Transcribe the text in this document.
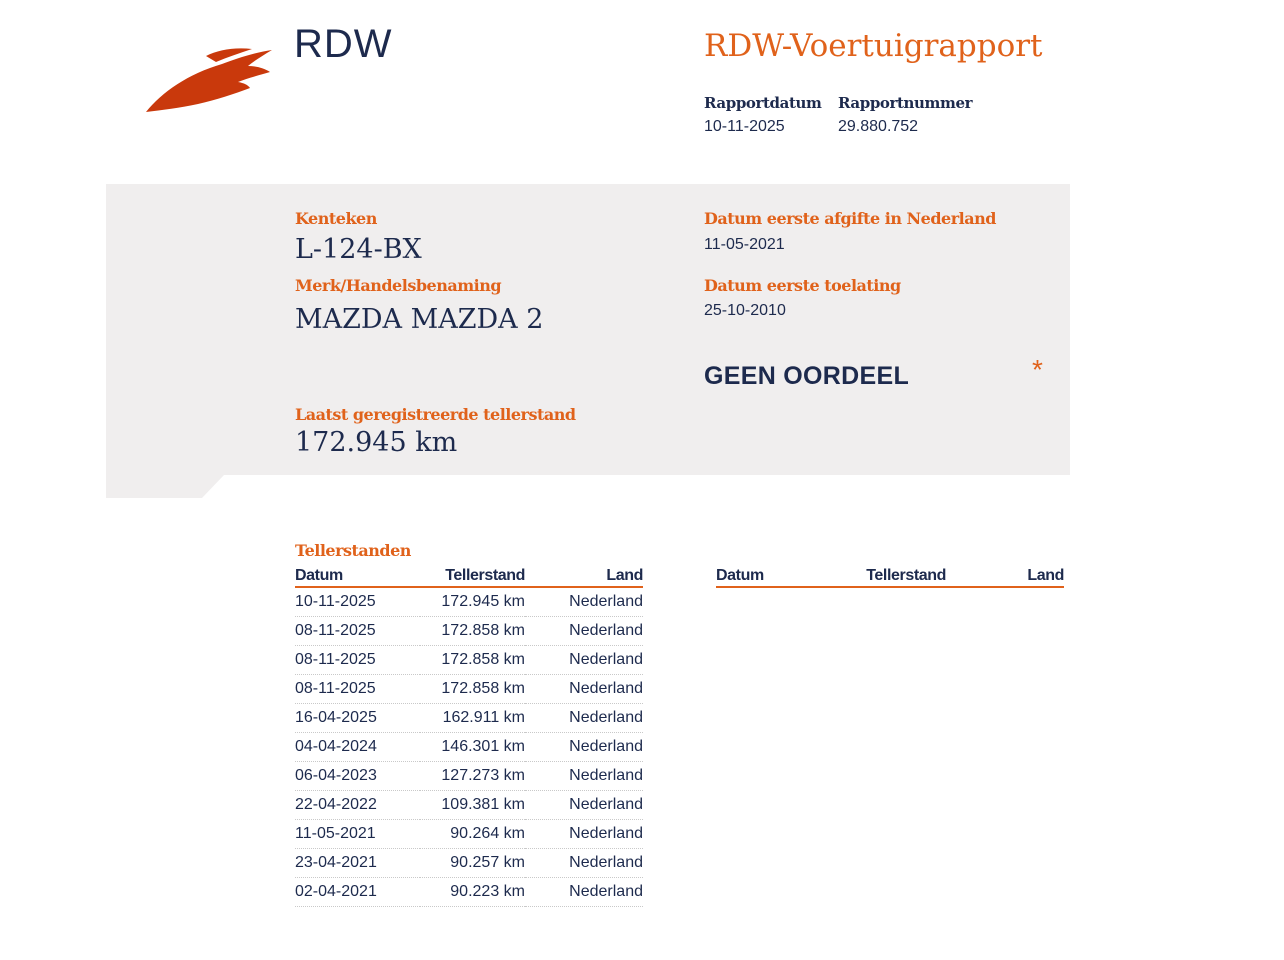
RDW	RDW-Voertuigrapport
Rapportdatum
10-11-2025
Rapportnummer
29.880.752
Kenteken
L-124-BX
Merk/Handelsbenaming
MAZDA MAZDA 2
Datum eerste afgifte in Nederland
11-05-2021
Datum eerste toelating
25-10-2010
GEEN OORDEEL	*
Laatst geregistreerde tellerstand
172.945 km
Tellerstanden
Datum	Tellerstand	Land
10-11-2025	172.945 km	Nederland
08-11-2025	172.858 km	Nederland
08-11-2025	172.858 km	Nederland
08-11-2025	172.858 km	Nederland
16-04-2025	162.911 km	Nederland
04-04-2024	146.301 km	Nederland
06-04-2023	127.273 km	Nederland
22-04-2022	109.381 km	Nederland
11-05-2021	90.264 km	Nederland
23-04-2021	90.257 km	Nederland
02-04-2021	90.223 km	Nederland
Datum	Tellerstand	Land
